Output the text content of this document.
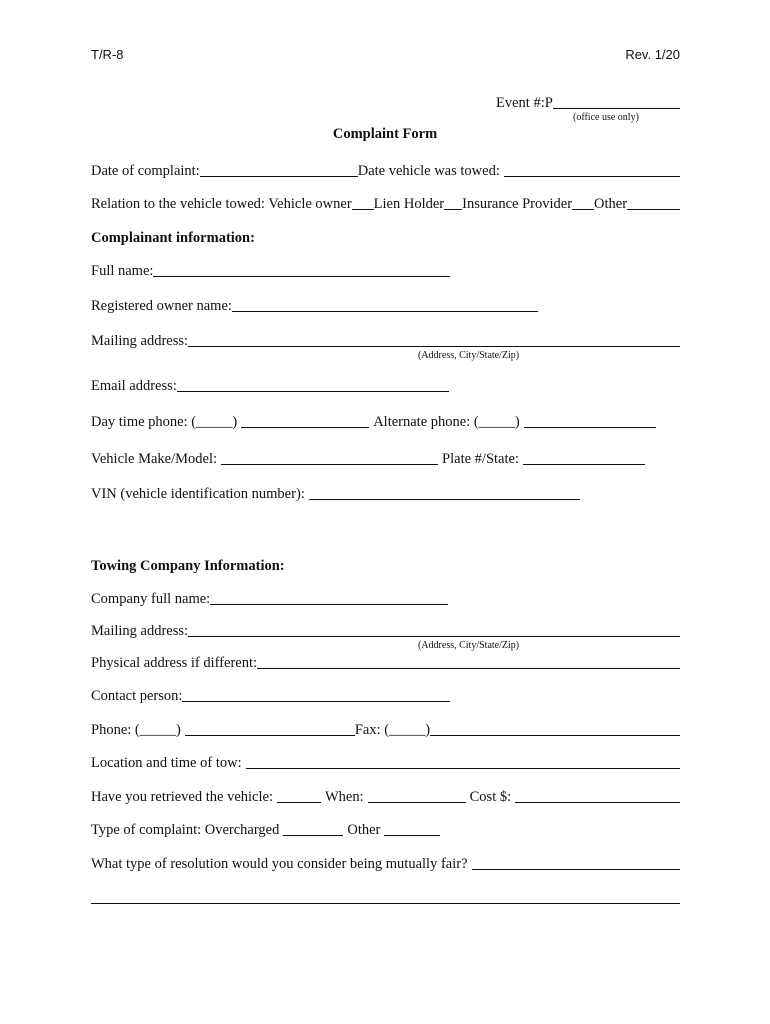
T/R-8	Rev. 1/20
Event #:P
(office use only)
Complaint Form
Date of complaint:	Date vehicle was towed:
Relation to the vehicle towed: Vehicle owner Lien Holder Insurance Provider Other
Complainant information:
Full name:
Registered owner name:
Mailing address:
(Address, City/State/Zip)
Email address:
Day time phone: (_____)	Alternate phone: (_____)
Vehicle Make/Model:	Plate #/State:
VIN (vehicle identification number):
Towing Company Information:
Company full name:
Mailing address:
(Address, City/State/Zip)
Physical address if different:
Contact person:
Phone: (_____)	Fax: (_____)
Location and time of tow:
Have you retrieved the vehicle:	When:	Cost $:
Type of complaint: Overcharged	Other
What type of resolution would you consider being mutually fair?
